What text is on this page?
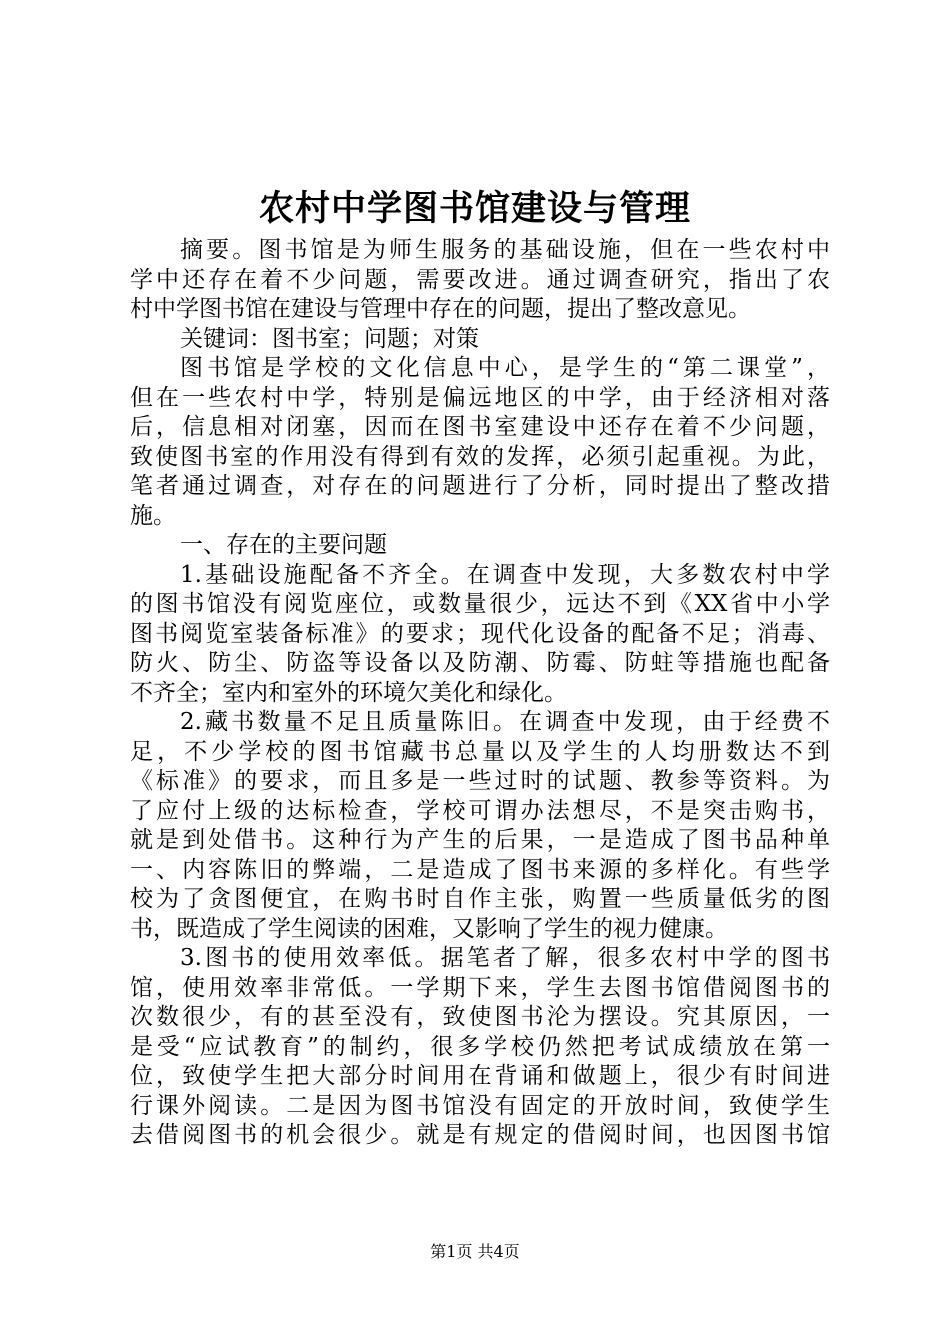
农村中学图书馆建设与管理
摘要。图书馆是为师生服务的基础设施，但在一些农村中
学中还存在着不少问题，需要改进。通过调查研究，指出了农
村中学图书馆在建设与管理中存在的问题，提出了整改意见。
关键词：图书室；问题；对策
图书馆是学校的文化信息中心，是学生的“第二课堂”，
但在一些农村中学，特别是偏远地区的中学，由于经济相对落
后，信息相对闭塞，因而在图书室建设中还存在着不少问题，
致使图书室的作用没有得到有效的发挥，必须引起重视。为此，
笔者通过调查，对存在的问题进行了分析，同时提出了整改措
施。
一、存在的主要问题
1.基础设施配备不齐全。在调查中发现，大多数农村中学
的图书馆没有阅览座位，或数量很少，远达不到《XX省中小学
图书阅览室装备标准》的要求；现代化设备的配备不足；消毒、
防火、防尘、防盗等设备以及防潮、防霉、防蛀等措施也配备
不齐全；室内和室外的环境欠美化和绿化。
2.藏书数量不足且质量陈旧。在调查中发现，由于经费不
足，不少学校的图书馆藏书总量以及学生的人均册数达不到
《标准》的要求，而且多是一些过时的试题、教参等资料。为
了应付上级的达标检查，学校可谓办法想尽，不是突击购书，
就是到处借书。这种行为产生的后果，一是造成了图书品种单
一、内容陈旧的弊端，二是造成了图书来源的多样化。有些学
校为了贪图便宜，在购书时自作主张，购置一些质量低劣的图
书，既造成了学生阅读的困难，又影响了学生的视力健康。
3.图书的使用效率低。据笔者了解，很多农村中学的图书
馆，使用效率非常低。一学期下来，学生去图书馆借阅图书的
次数很少，有的甚至没有，致使图书沦为摆设。究其原因，一
是受“应试教育”的制约，很多学校仍然把考试成绩放在第一
位，致使学生把大部分时间用在背诵和做题上，很少有时间进
行课外阅读。二是因为图书馆没有固定的开放时间，致使学生
去借阅图书的机会很少。就是有规定的借阅时间，也因图书馆
第1页 共4页
